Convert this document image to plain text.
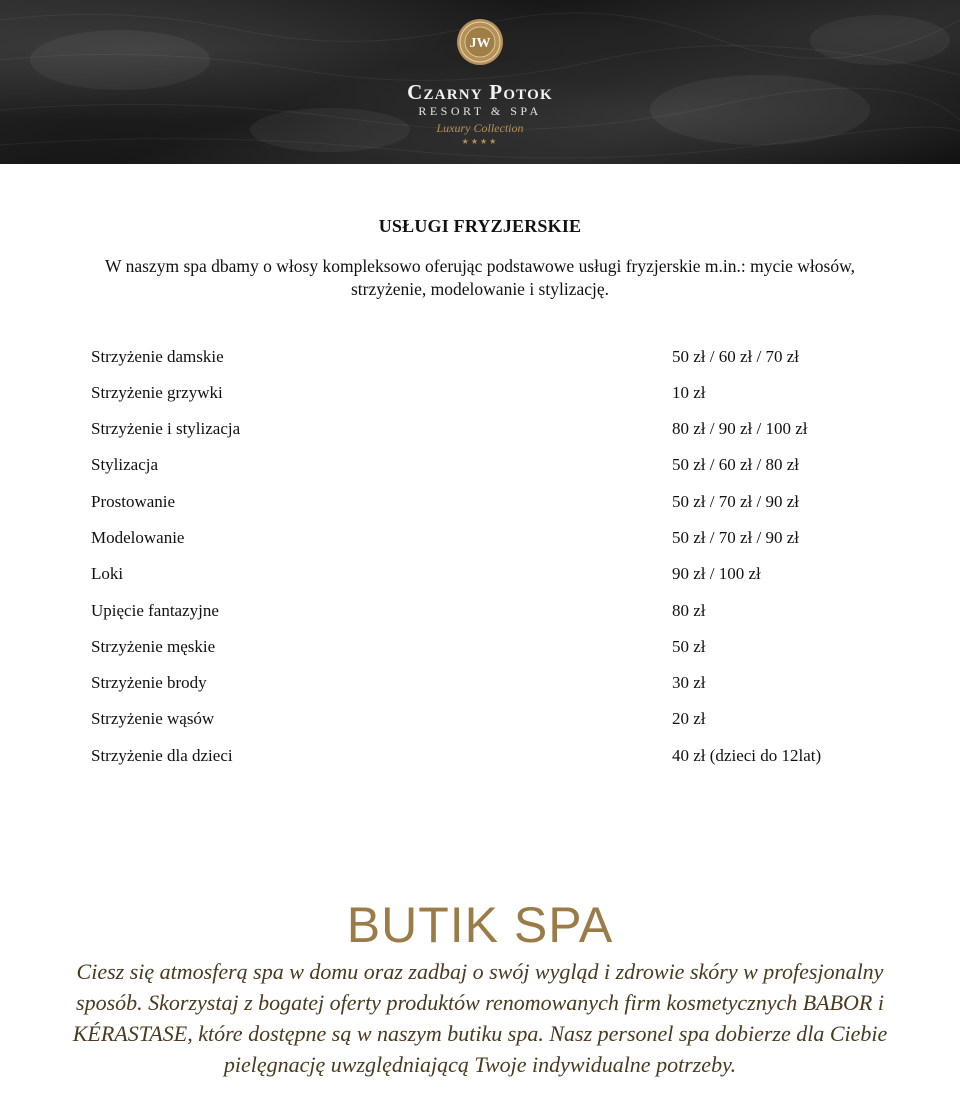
JW
Czarny Potok
RESORT & SPA
Luxury Collection
★★★★
USŁUGI FRYZJERSKIE
W naszym spa dbamy o włosy kompleksowo oferując podstawowe usługi fryzjerskie m.in.: mycie włosów, strzyżenie, modelowanie i stylizację.
Strzyżenie damskie	50 zł / 60 zł / 70 zł
Strzyżenie grzywki	10 zł
Strzyżenie i stylizacja	80 zł / 90 zł / 100 zł
Stylizacja	50 zł / 60 zł / 80 zł
Prostowanie	50 zł / 70 zł / 90 zł
Modelowanie	50 zł / 70 zł / 90 zł
Loki	90 zł / 100 zł
Upięcie fantazyjne	80 zł
Strzyżenie męskie	50 zł
Strzyżenie brody	30 zł
Strzyżenie wąsów	20 zł
Strzyżenie dla dzieci	40 zł (dzieci do 12lat)
BUTIK SPA
Ciesz się atmosferą spa w domu oraz zadbaj o swój wygląd i zdrowie skóry w profesjonalny sposób. Skorzystaj z bogatej oferty produktów renomowanych firm kosmetycznych BABOR i KÉRASTASE, które dostępne są w naszym butiku spa. Nasz personel spa dobierze dla Ciebie pielęgnację uwzględniającą Twoje indywidualne potrzeby.
